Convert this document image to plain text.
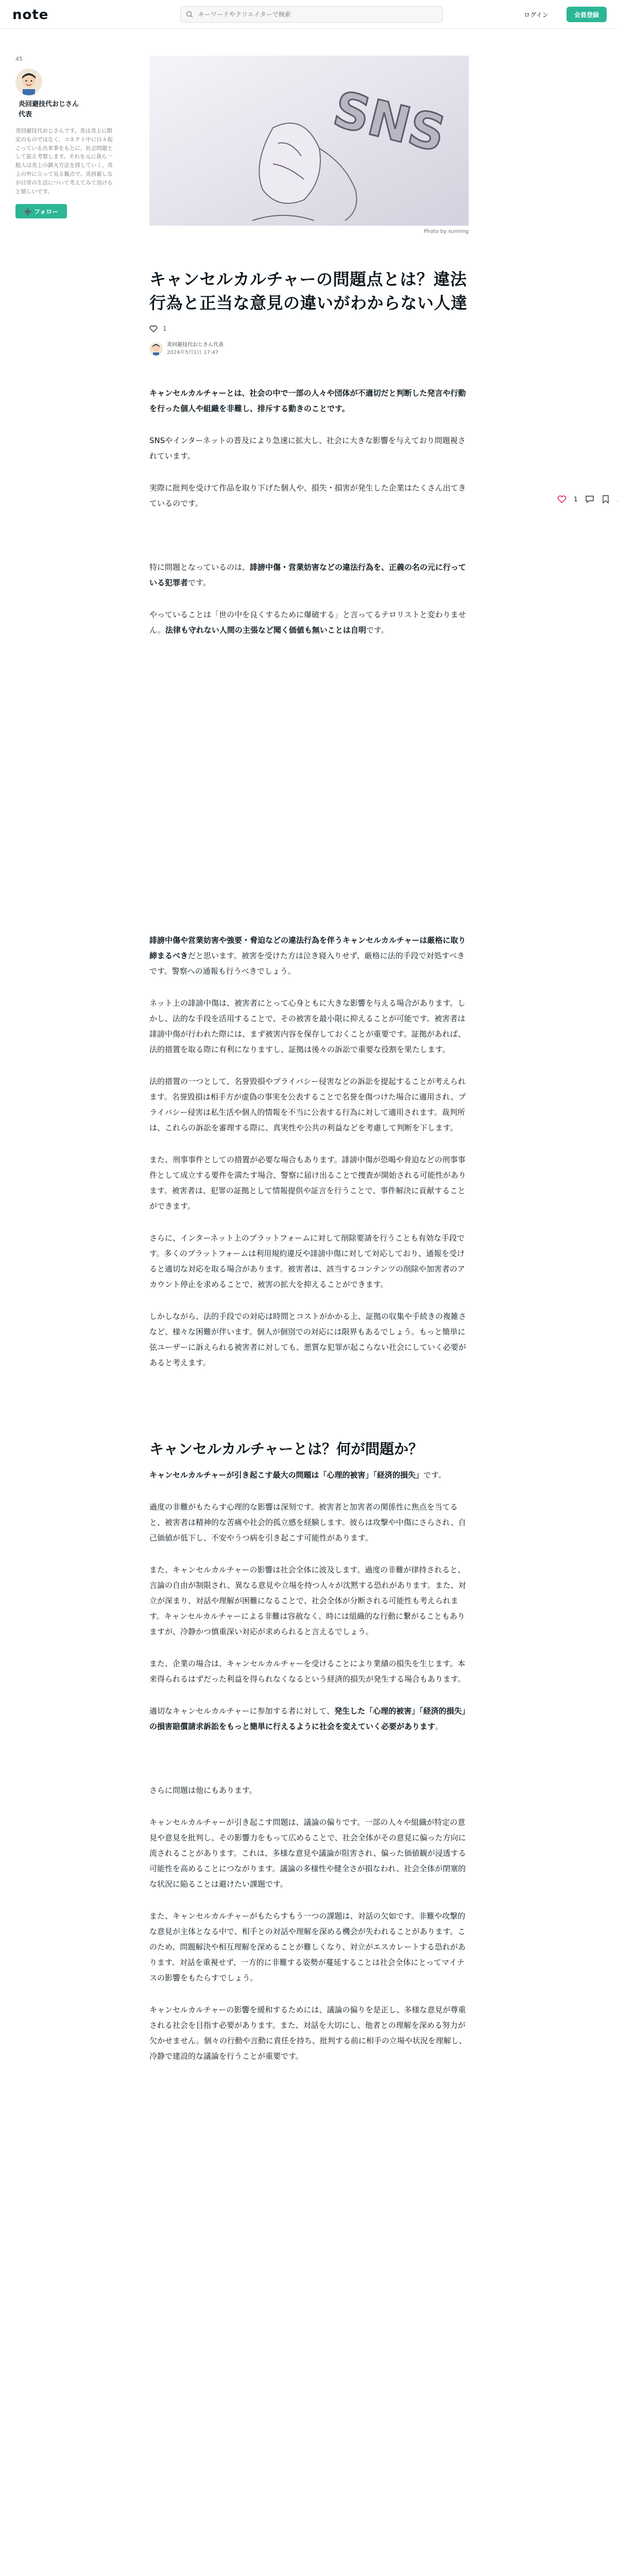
note
キーワードやクリエイターで検索	ログイン	会員登録
45
炎回避技代おじさん代表
炎回避技代おじさんです。炎は炎上に限定のものではなく、コネクト中に日々起こっている出来事をもとに、社会問題として捉え考察します。それを元に我ら一般人は炎上の鎮火方法を探していく、炎上の外に立って見る観点で、炎回避しなが日常の生活について考えてみて頂けると嬉しいです。
➕ フォロー
SNS
Photo by sunning
キャンセルカルチャーの問題点とは？違法行為と正当な意見の違いがわからない人達
1
炎回避技代おじさん代表
2024年5月1日 17:47

キャンセルカルチャーとは、社会の中で一部の人々や団体が不適切だと判断した発言や行動を行った個人や組織を非難し、排斥する動きのことです。

SNSやインターネットの普及により急速に拡大し、社会に大きな影響を与えており問題視されています。

実際に批判を受けて作品を取り下げた個人や、損失・損害が発生した企業はたくさん出てきているのです。

特に問題となっているのは、誹謗中傷・営業妨害などの違法行為を、正義の名の元に行っている犯罪者です。

やっていることは「世の中を良くするために爆破する」と言ってるテロリストと変わりません。法律も守れない人間の主張など聞く価値も無いことは自明です。

誹謗中傷や営業妨害や強要・脅迫などの違法行為を伴うキャンセルカルチャーは厳格に取り締まるべきだと思います。被害を受けた方は泣き寝入りせず、厳格に法的手段で対処すべきです。警察への通報も行うべきでしょう。

ネット上の誹謗中傷は、被害者にとって心身ともに大きな影響を与える場合があります。しかし、法的な手段を活用することで、その被害を最小限に抑えることが可能です。被害者は誹謗中傷が行われた際には、まず被害内容を保存しておくことが重要です。証拠があれば、法的措置を取る際に有利になりますし、証拠は後々の訴訟で重要な役割を果たします。

法的措置の一つとして、名誉毀損やプライバシー侵害などの訴訟を提起することが考えられます。名誉毀損は相手方が虚偽の事実を公表することで名誉を傷つけた場合に適用され、プライバシー侵害は私生活や個人的情報を不当に公表する行為に対して適用されます。裁判所は、これらの訴訟を審理する際に、真実性や公共の利益などを考慮して判断を下します。

また、刑事事件としての措置が必要な場合もあります。誹謗中傷が恐喝や脅迫などの刑事事件として成立する要件を満たす場合、警察に届け出ることで捜査が開始される可能性があります。被害者は、犯罪の証拠として情報提供や証言を行うことで、事件解決に貢献することができます。

さらに、インターネット上のプラットフォームに対して削除要請を行うことも有効な手段です。多くのプラットフォームは利用規約違反や誹謗中傷に対して対応しており、通報を受けると適切な対応を取る場合があります。被害者は、該当するコンテンツの削除や加害者のアカウント停止を求めることで、被害の拡大を抑えることができます。

しかしながら、法的手段での対応は時間とコストがかかる上、証拠の収集や手続きの複雑さなど、様々な困難が伴います。個人が個別での対応には限界もあるでしょう。もっと簡単に弦ユーザーに訴えられる被害者に対しても、悪質な犯罪が起こらない社会にしていく必要があると考えます。

キャンセルカルチャーとは？何が問題か？

キャンセルカルチャーが引き起こす最大の問題は「心理的被害」「経済的損失」です。

過度の非難がもたらす心理的な影響は深刻です。被害者と加害者の関係性に焦点を当てると、被害者は精神的な苦痛や社会的孤立感を経験します。彼らは攻撃や中傷にさらされ、自己価値が低下し、不安やうつ病を引き起こす可能性があります。

また、キャンセルカルチャーの影響は社会全体に波及します。過度の非難が律持されると、言論の自由が制限され、異なる意見や立場を持つ人々が沈黙する恐れがあります。また、対立が深まり、対話や理解が困難になることで、社会全体が分断される可能性も考えられます。キャンセルカルチャーによる非難は容赦なく、時には組織的な行動に繋がることもありますが、冷静かつ慎重深い対応が求められると言えるでしょう。

また、企業の場合は、キャンセルカルチャーを受けることにより業績の損失を生じます。本来得られるはずだった利益を得られなくなるという経済的損失が発生する場合もあります。

適切なキャンセルカルチャーに参加する者に対して、発生した「心理的被害」「経済的損失」の損害賠償請求訴訟をもっと簡単に行えるように社会を変えていく必要があります。

さらに問題は他にもあります。

キャンセルカルチャーが引き起こす問題は、議論の偏りです。一部の人々や組織が特定の意見や意見を批判し、その影響力をもって広めることで、社会全体がその意見に偏った方向に流されることがあります。これは、多様な意見や議論が阻害され、偏った価値観が浸透する可能性を高めることにつながります。議論の多様性や健全さが損なわれ、社会全体が閉塞的な状況に陥ることは避けたい課題です。

また、キャンセルカルチャーがもたらすもう一つの課題は、対話の欠如です。非難や攻撃的な意見が主体となる中で、相手との対話や理解を深める機会が失われることがあります。このため、問題解決や相互理解を深めることが難しくなり、対立がエスカレートする恐れがあります。対話を重視せず、一方的に非難する姿勢が蔓延することは社会全体にとってマイナスの影響をもたらすでしょう。

キャンセルカルチャーの影響を緩和するためには、議論の偏りを是正し、多様な意見が尊重される社会を目指す必要があります。また、対話を大切にし、他者との理解を深める努力が欠かせません。個々の行動や言動に責任を持ち、批判する前に相手の立場や状況を理解し、冷静で建設的な議論を行うことが重要です。

1
